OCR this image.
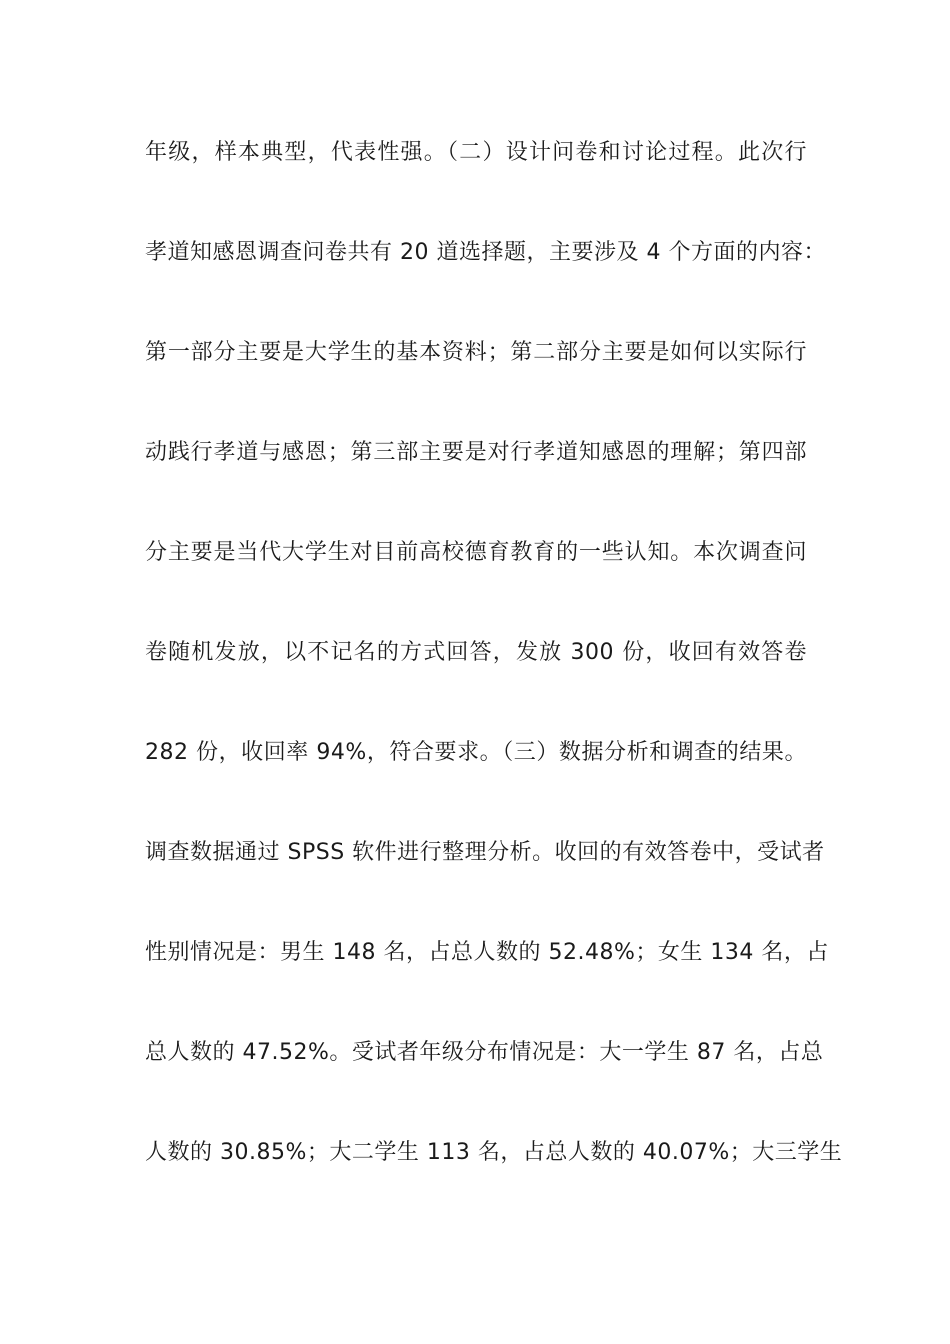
年级，样本典型，代表性强。（二）设计问卷和讨论过程。此次行
孝道知感恩调查问卷共有 20 道选择题，主要涉及 4 个方面的内容：
第一部分主要是大学生的基本资料；第二部分主要是如何以实际行
动践行孝道与感恩；第三部主要是对行孝道知感恩的理解；第四部
分主要是当代大学生对目前高校德育教育的一些认知。本次调查问
卷随机发放，以不记名的方式回答，发放 300 份，收回有效答卷
282 份，收回率 94%，符合要求。（三）数据分析和调查的结果。
调查数据通过 SPSS 软件进行整理分析。收回的有效答卷中，受试者
性别情况是：男生 148 名，占总人数的 52.48%；女生 134 名，占
总人数的 47.52%。受试者年级分布情况是：大一学生 87 名，占总
人数的 30.85%；大二学生 113 名，占总人数的 40.07%；大三学生
